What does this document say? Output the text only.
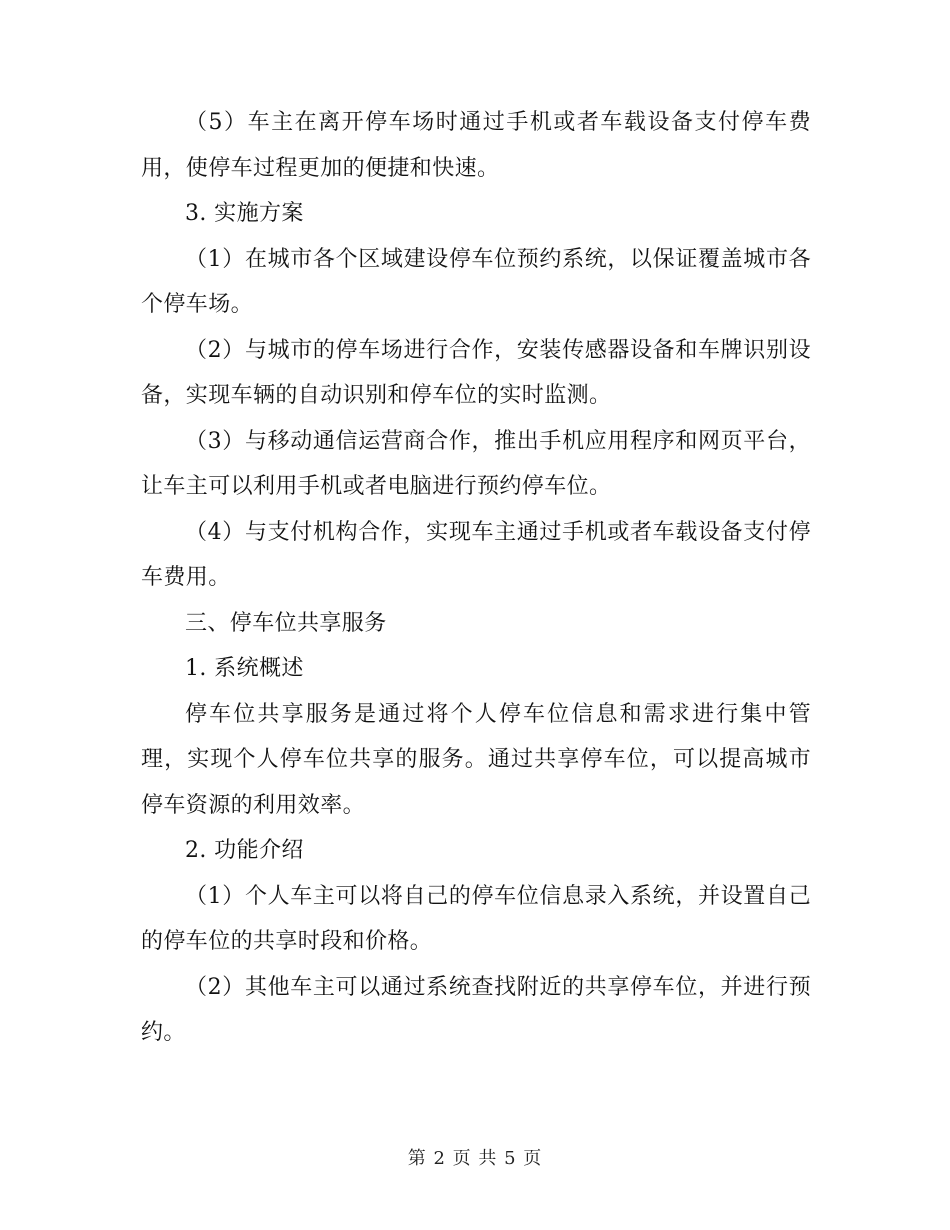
（5）车主在离开停车场时通过手机或者车载设备支付停车费用，使停车过程更加的便捷和快速。

3. 实施方案

（1）在城市各个区域建设停车位预约系统，以保证覆盖城市各个停车场。

（2）与城市的停车场进行合作，安装传感器设备和车牌识别设备，实现车辆的自动识别和停车位的实时监测。

（3）与移动通信运营商合作，推出手机应用程序和网页平台，让车主可以利用手机或者电脑进行预约停车位。

（4）与支付机构合作，实现车主通过手机或者车载设备支付停车费用。

三、停车位共享服务

1. 系统概述

停车位共享服务是通过将个人停车位信息和需求进行集中管理，实现个人停车位共享的服务。通过共享停车位，可以提高城市停车资源的利用效率。

2. 功能介绍

（1）个人车主可以将自己的停车位信息录入系统，并设置自己的停车位的共享时段和价格。

（2）其他车主可以通过系统查找附近的共享停车位，并进行预约。

第 2 页 共 5 页
